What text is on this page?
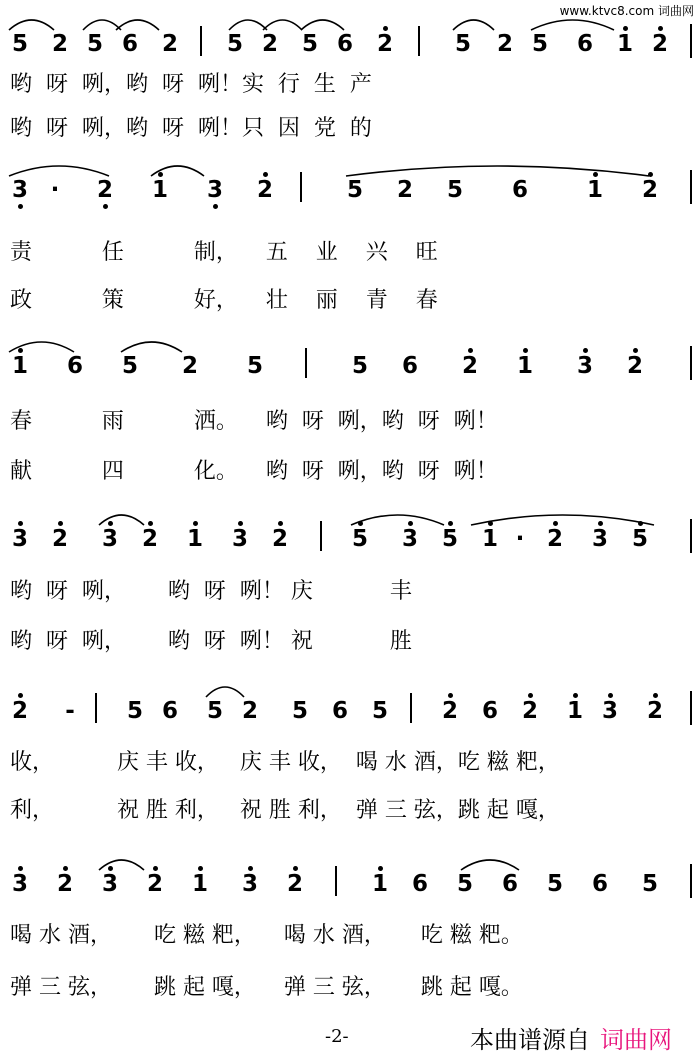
www.ktvc8.com 词曲网
5 2 5 6 2 5 2 5 6 2	5 2 5 6 1 2
哟  呀  咧，哟  呀  咧！实  行  生  产
哟  呀  咧，哟  呀  咧！只  因  党  的
3 ·	2 1 3 2	5 2 5 6	1 2
责          任          制，    五    业    兴    旺
政          策          好，    壮    丽    青    春
1 6 5 2 5	5 6 2 1 3 2
春          雨          洒。    哟  呀  咧，哟  呀  咧！
献          四          化。    哟  呀  咧，哟  呀  咧！
3 2 3 2 1 3 2	5 3 5 1 · 2 3 5
哟  呀  咧，      哟  呀  咧！ 庆           丰
哟  呀  咧，      哟  呀  咧！ 祝           胜
2	-	5 6 5 2 5 6 5 2 6 2 1 3 2
收，         庆 丰 收，   庆 丰 收，  喝 水 酒，吃 糍 粑，
利，         祝 胜 利，   祝 胜 利，  弹 三 弦，跳 起 嘎，
3 2 3 2 1 3 2	1 6 5 6 5 6 5
喝 水 酒，      吃 糍 粑，    喝 水 酒，     吃 糍 粑。
弹 三 弦，      跳 起 嘎，    弹 三 弦，     跳 起 嘎。
-2-	本曲谱源自 词曲网
